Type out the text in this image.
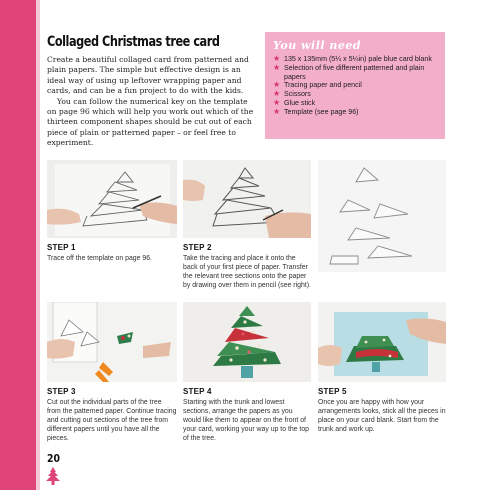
Collaged Christmas tree card

Create a beautiful collaged card from patterned and plain papers. The simple but effective design is an ideal way of using up leftover wrapping paper and cards, and can be a fun project to do with the kids.

You can follow the numerical key on the template on page 96 which will help you work out which of the thirteen component shapes should be cut out of each piece of plain or patterned paper – or feel free to experiment.

You will need
★ 135 x 135mm (5¼ x 5¼in) pale blue card blank
★ Selection of five different patterned and plain papers
★ Tracing paper and pencil
★ Scissors
★ Glue stick
★ Template (see page 96)
STEP 1
Trace off the template on page 96.
STEP 2
Take the tracing and place it onto the back of your first piece of paper. Transfer the relevant tree sections onto the paper by drawing over them in pencil (see right).
STEP 3
Cut out the individual parts of the tree from the patterned paper. Continue tracing and cutting out sections of the tree from different papers until you have all the pieces.
STEP 4
Starting with the trunk and lowest sections, arrange the papers as you would like them to appear on the front of your card, working your way up to the top of the tree.
STEP 5
Once you are happy with how your arrangements looks, stick all the pieces in place on your card blank. Start from the trunk and work up.
20
